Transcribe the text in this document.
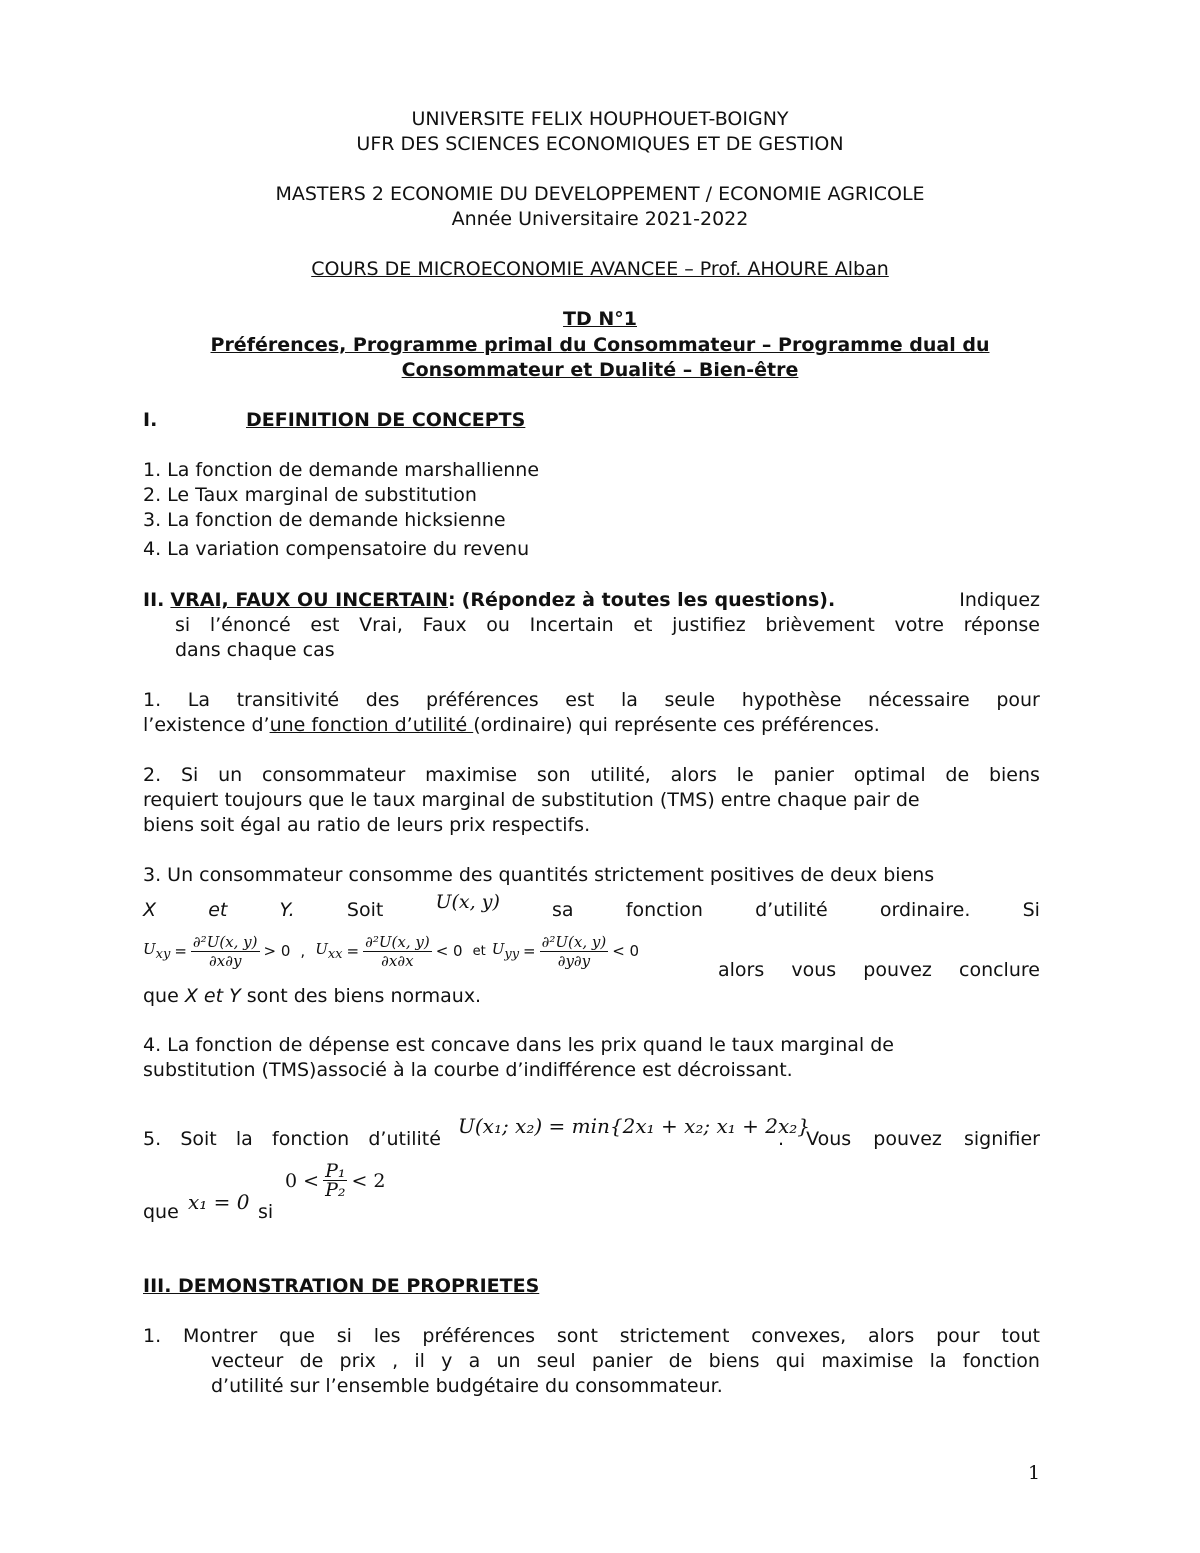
UNIVERSITE FELIX HOUPHOUET-BOIGNY
UFR DES SCIENCES ECONOMIQUES ET DE GESTION
MASTERS 2 ECONOMIE DU DEVELOPPEMENT / ECONOMIE AGRICOLE
Année Universitaire 2021-2022
COURS DE MICROECONOMIE AVANCEE – Prof. AHOURE Alban
TD N°1
Préférences, Programme primal du Consommateur – Programme dual du
Consommateur et Dualité – Bien-être
I.	DEFINITION DE CONCEPTS
1. La fonction de demande marshallienne
2. Le Taux marginal de substitution
3. La fonction de demande hicksienne
4. La variation compensatoire du revenu
II. VRAI, FAUX OU INCERTAIN: (Répondez à toutes les questions).	Indiquez
si l’énoncé est Vrai, Faux ou Incertain et justifiez brièvement votre réponse
dans chaque cas
1. La transitivité des préférences est la seule hypothèse nécessaire pour
l’existence d’une fonction d’utilité (ordinaire) qui représente ces préférences.
2. Si un consommateur maximise son utilité, alors le panier optimal de biens
requiert toujours que le taux marginal de substitution (TMS) entre chaque pair de
biens soit égal au ratio de leurs prix respectifs.
3. Un consommateur consomme des quantités strictement positives de deux biens
X	et	Y.	Soit	U(x, y)	sa	fonction	d’utilité	ordinaire.	Si
$U_{xy} = \frac{\text{∂²U(x, y)}}{\partial x\partial y} > 0$ , $U_{xx} = \frac{\text{∂²U(x, y)}}{\partial x\partial x} < 0$ et $U_{yy} = \frac{\text{∂²U(x, y)}}{\partial y\partial y} < 0$
alors vous pouvez conclure
que X et Y sont des biens normaux.
4. La fonction de dépense est concave dans les prix quand le taux marginal de
substitution (TMS)associé à la courbe d’indifférence est décroissant.
5. Soit la fonction d’utilité
U(x₁; x₂) = min{2x₁ + x₂; x₁ + 2x₂}
. Vous pouvez signifier
que x₁ = 0 si
$0 < \frac{\text{P₁}}{\text{P₂}} < 2$
III. DEMONSTRATION DE PROPRIETES
1. Montrer que si les préférences sont strictement convexes, alors pour tout
vecteur de prix , il y a un seul panier de biens qui maximise la fonction
d’utilité sur l’ensemble budgétaire du consommateur.
1
